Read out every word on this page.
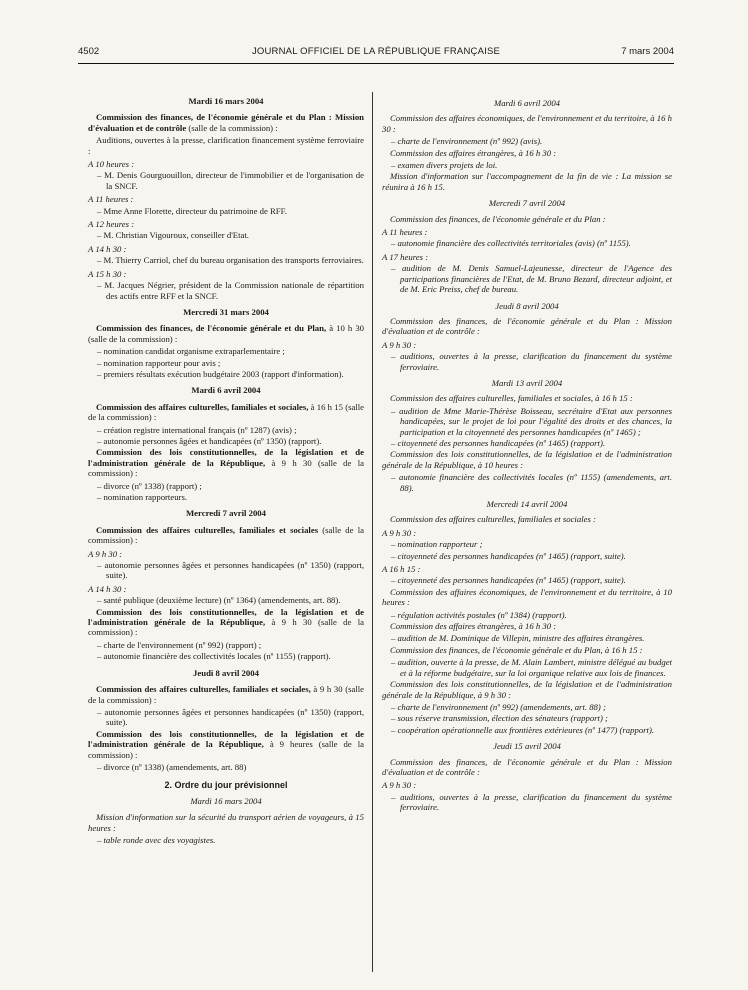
4502	JOURNAL OFFICIEL DE LA RÉPUBLIQUE FRANÇAISE	7 mars 2004
Mardi 16 mars 2004
Commission des finances, de l'économie générale et du Plan : Mission d'évaluation et de contrôle (salle de la commission) :
Auditions, ouvertes à la presse, clarification financement système ferroviaire :
A 10 heures :
– M. Denis Gourguouillon, directeur de l'immobilier et de l'organisation de la SNCF.
A 11 heures :
– Mme Anne Florette, directeur du patrimoine de RFF.
A 12 heures :
– M. Christian Vigouroux, conseiller d'Etat.
A 14 h 30 :
– M. Thierry Carriol, chef du bureau organisation des transports ferroviaires.
A 15 h 30 :
– M. Jacques Négrier, président de la Commission nationale de répartition des actifs entre RFF et la SNCF.
Mercredi 31 mars 2004
Commission des finances, de l'économie générale et du Plan, à 10 h 30 (salle de la commission) :
– nomination candidat organisme extraparlementaire ;
– nomination rapporteur pour avis ;
– premiers résultats exécution budgétaire 2003 (rapport d'information).
Mardi 6 avril 2004
Commission des affaires culturelles, familiales et sociales, à 16 h 15 (salle de la commission) :
– création registre international français (nº 1287) (avis) ;
– autonomie personnes âgées et handicapées (nº 1350) (rapport).
Commission des lois constitutionnelles, de la législation et de l'administration générale de la République, à 9 h 30 (salle de la commission) :
– divorce (nº 1338) (rapport) ;
– nomination rapporteurs.
Mercredi 7 avril 2004
Commission des affaires culturelles, familiales et sociales (salle de la commission) :
A 9 h 30 :
– autonomie personnes âgées et personnes handicapées (nº 1350) (rapport, suite).
A 14 h 30 :
– santé publique (deuxième lecture) (nº 1364) (amendements, art. 88).
Commission des lois constitutionnelles, de la législation et de l'administration générale de la République, à 9 h 30 (salle de la commission) :
– charte de l'environnement (nº 992) (rapport) ;
– autonomie financière des collectivités locales (nº 1155) (rapport).
Jeudi 8 avril 2004
Commission des affaires culturelles, familiales et sociales, à 9 h 30 (salle de la commission) :
– autonomie personnes âgées et personnes handicapées (nº 1350) (rapport, suite).
Commission des lois constitutionnelles, de la législation et de l'administration générale de la République, à 9 heures (salle de la commission) :
– divorce (nº 1338) (amendements, art. 88)
2. Ordre du jour prévisionnel
Mardi 16 mars 2004
Mission d'information sur la sécurité du transport aérien de voyageurs, à 15 heures :
– table ronde avec des voyagistes.
Mardi 6 avril 2004
Commission des affaires économiques, de l'environnement et du territoire, à 16 h 30 :
– charte de l'environnement (nº 992) (avis).
Commission des affaires étrangères, à 16 h 30 :
– examen divers projets de loi.
Mission d'information sur l'accompagnement de la fin de vie : La mission se réunira à 16 h 15.
Mercredi 7 avril 2004
Commission des finances, de l'économie générale et du Plan :
A 11 heures :
– autonomie financière des collectivités territoriales (avis) (nº 1155).
A 17 heures :
– audition de M. Denis Samuel-Lajeunesse, directeur de l'Agence des participations financières de l'Etat, de M. Bruno Bezard, directeur adjoint, et de M. Eric Preiss, chef de bureau.
Jeudi 8 avril 2004
Commission des finances, de l'économie générale et du Plan : Mission d'évaluation et de contrôle :
A 9 h 30 :
– auditions, ouvertes à la presse, clarification du financement du système ferroviaire.
Mardi 13 avril 2004
Commission des affaires culturelles, familiales et sociales, à 16 h 15 :
– audition de Mme Marie-Thérèse Boisseau, secrétaire d'Etat aux personnes handicapées, sur le projet de loi pour l'égalité des droits et des chances, la participation et la citoyenneté des personnes handicapées (nº 1465) ;
– citoyenneté des personnes handicapées (nº 1465) (rapport).
Commission des lois constitutionnelles, de la législation et de l'administration générale de la République, à 10 heures :
– autonomie financière des collectivités locales (nº 1155) (amendements, art. 88).
Mercredi 14 avril 2004
Commission des affaires culturelles, familiales et sociales :
A 9 h 30 :
– nomination rapporteur ;
– citoyenneté des personnes handicapées (nº 1465) (rapport, suite).
A 16 h 15 :
– citoyenneté des personnes handicapées (nº 1465) (rapport, suite).
Commission des affaires économiques, de l'environnement et du territoire, à 10 heures :
– régulation activités postales (nº 1384) (rapport).
Commission des affaires étrangères, à 16 h 30 :
– audition de M. Dominique de Villepin, ministre des affaires étrangères.
Commission des finances, de l'économie générale et du Plan, à 16 h 15 :
– audition, ouverte à la presse, de M. Alain Lambert, ministre délégué au budget et à la réforme budgétaire, sur la loi organique relative aux lois de finances.
Commission des lois constitutionnelles, de la législation et de l'administration générale de la République, à 9 h 30 :
– charte de l'environnement (nº 992) (amendements, art. 88) ;
– sous réserve transmission, élection des sénateurs (rapport) ;
– coopération opérationnelle aux frontières extérieures (nº 1477) (rapport).
Jeudi 15 avril 2004
Commission des finances, de l'économie générale et du Plan : Mission d'évaluation et de contrôle :
A 9 h 30 :
– auditions, ouvertes à la presse, clarification du financement du système ferroviaire.
